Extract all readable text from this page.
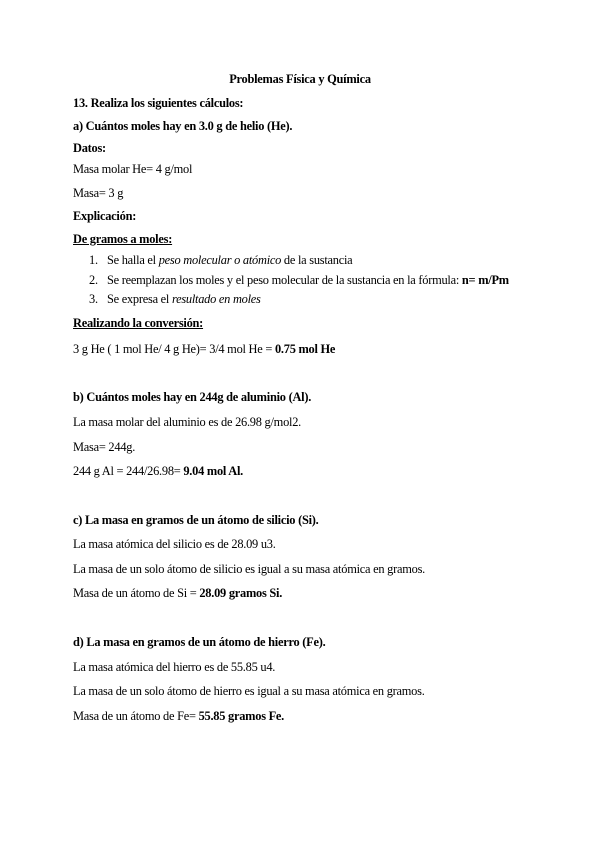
Problemas Física y Química
13. Realiza los siguientes cálculos:
a) Cuántos moles hay en 3.0 g de helio (He).
Datos:
Masa molar He= 4 g/mol
Masa= 3 g
Explicación:
De gramos a moles:
1. Se halla el peso molecular o atómico de la sustancia
2. Se reemplazan los moles y el peso molecular de la sustancia en la fórmula: n= m/Pm
3. Se expresa el resultado en moles
Realizando la conversión:
3 g He ( 1 mol He/ 4 g He)= 3/4 mol He = 0.75 mol He
b) Cuántos moles hay en 244g de aluminio (Al).
La masa molar del aluminio es de 26.98 g/mol2.
Masa= 244g.
244 g Al = 244/26.98= 9.04 mol Al.
c) La masa en gramos de un átomo de silicio (Si).
La masa atómica del silicio es de 28.09 u3.
La masa de un solo átomo de silicio es igual a su masa atómica en gramos.
Masa de un átomo de Si = 28.09 gramos Si.
d) La masa en gramos de un átomo de hierro (Fe).
La masa atómica del hierro es de 55.85 u4.
La masa de un solo átomo de hierro es igual a su masa atómica en gramos.
Masa de un átomo de Fe= 55.85 gramos Fe.
